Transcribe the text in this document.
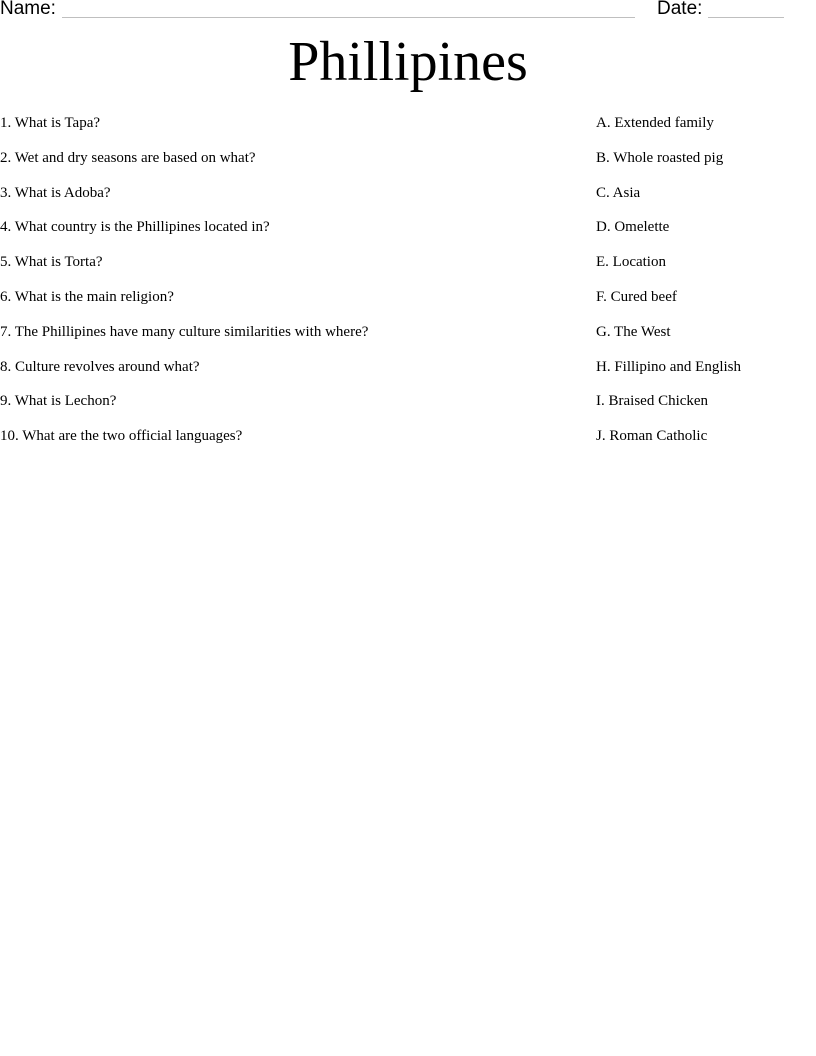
Name:	Date:
Phillipines
1. What is Tapa?
2. Wet and dry seasons are based on what?
3. What is Adoba?
4. What country is the Phillipines located in?
5. What is Torta?
6. What is the main religion?
7. The Phillipines have many culture similarities with where?
8. Culture revolves around what?
9. What is Lechon?
10. What are the two official languages?
A. Extended family
B. Whole roasted pig
C. Asia
D. Omelette
E. Location
F. Cured beef
G. The West
H. Fillipino and English
I. Braised Chicken
J. Roman Catholic
